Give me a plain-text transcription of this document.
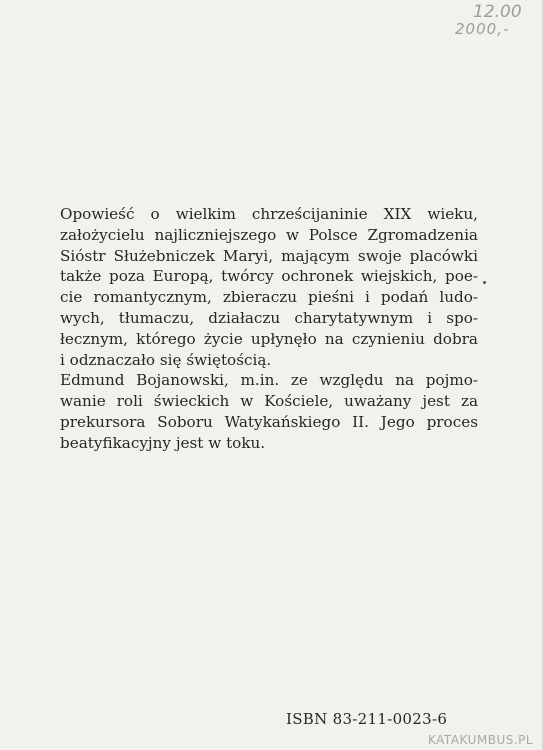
12.00
2000,-

Opowieść o wielkim chrześcijaninie XIX wieku,
założycielu najliczniejszego w Polsce Zgromadzenia
Sióstr Służebniczek Maryi, mającym swoje placówki
także poza Europą, twórcy ochronek wiejskich, poe-
cie romantycznym, zbieraczu pieśni i podań ludo-
wych, tłumaczu, działaczu charytatywnym i spo-
łecznym, którego życie upłynęło na czynieniu dobra
i odznaczało się świętością.

Edmund Bojanowski, m.in. ze względu na pojmo-
wanie roli świeckich w Kościele, uważany jest za
prekursora Soboru Watykańskiego II. Jego proces
beatyfikacyjny jest w toku.

ISBN 83-211-0023-6
KATAKUMBUS.PL
